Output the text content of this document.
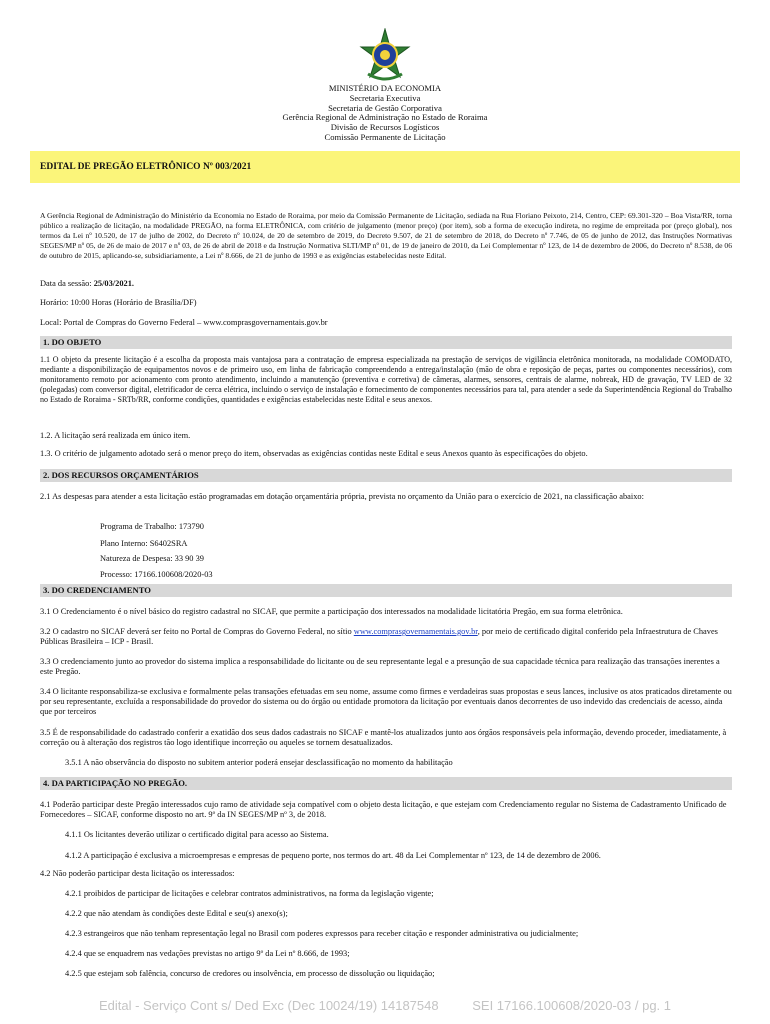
MINISTÉRIO DA ECONOMIA
Secretaria Executiva
Secretaria de Gestão Corporativa
Gerência Regional de Administração no Estado de Roraima
Divisão de Recursos Logísticos
Comissão Permanente de Licitação
EDITAL DE PREGÃO ELETRÔNICO Nº 003/2021

A Gerência Regional de Administração do Ministério da Economia no Estado de Roraima, por meio da Comissão Permanente de Licitação, sediada na Rua Floriano Peixoto, 214, Centro, CEP: 69.301-320 – Boa Vista/RR, torna público a realização de licitação, na modalidade PREGÃO, na forma ELETRÔNICA, com critério de julgamento (menor preço) (por item), sob a forma de execução indireta, no regime de empreitada por (preço global), nos termos da Lei nº 10.520, de 17 de julho de 2002, do Decreto nº 10.024, de 20 de setembro de 2019, do Decreto 9.507, de 21 de setembro de 2018, do Decreto nº 7.746, de 05 de junho de 2012, das Instruções Normativas SEGES/MP nº 05, de 26 de maio de 2017 e nº 03, de 26 de abril de 2018 e da Instrução Normativa SLTI/MP nº 01, de 19 de janeiro de 2010, da Lei Complementar nº 123, de 14 de dezembro de 2006, do Decreto nº 8.538, de 06 de outubro de 2015, aplicando-se, subsidiariamente, a Lei nº 8.666, de 21 de junho de 1993 e as exigências estabelecidas neste Edital.

Data da sessão: 25/03/2021.

Horário: 10:00 Horas (Horário de Brasília/DF)

Local: Portal de Compras do Governo Federal – www.comprasgovernamentais.gov.br

1. DO OBJETO

1.1 O objeto da presente licitação é a escolha da proposta mais vantajosa para a contratação de empresa especializada na prestação de serviços de vigilância eletrônica monitorada, na modalidade COMODATO, mediante a disponibilização de equipamentos novos e de primeiro uso, em linha de fabricação compreendendo a entrega/instalação (mão de obra e reposição de peças, partes ou componentes necessários), com monitoramento remoto por acionamento com pronto atendimento, incluindo a manutenção (preventiva e corretiva) de câmeras, alarmes, sensores, centrais de alarme, nobreak, HD de gravação, TV LED de 32 (polegadas) com conversor digital, eletrificador de cerca elétrica, incluindo o serviço de instalação e fornecimento de componentes necessários para tal, para atender a sede da Superintendência Regional do Trabalho no Estado de Roraima - SRTb/RR, conforme condições, quantidades e exigências estabelecidas neste Edital e seus anexos.

1.2. A licitação será realizada em único item.

1.3. O critério de julgamento adotado será o menor preço do item, observadas as exigências contidas neste Edital e seus Anexos quanto às especificações do objeto.

2. DOS RECURSOS ORÇAMENTÁRIOS

2.1 As despesas para atender a esta licitação estão programadas em dotação orçamentária própria, prevista no orçamento da União para o exercício de 2021, na classificação abaixo:

Programa de Trabalho: 173790

Plano Interno: S6402SRA

Natureza de Despesa: 33 90 39

Processo: 17166.100608/2020-03

3. DO CREDENCIAMENTO

3.1 O Credenciamento é o nível básico do registro cadastral no SICAF, que permite a participação dos interessados na modalidade licitatória Pregão, em sua forma eletrônica.

3.2 O cadastro no SICAF deverá ser feito no Portal de Compras do Governo Federal, no sítio www.comprasgovernamentais.gov.br, por meio de certificado digital conferido pela Infraestrutura de Chaves Públicas Brasileira – ICP - Brasil.

3.3 O credenciamento junto ao provedor do sistema implica a responsabilidade do licitante ou de seu representante legal e a presunção de sua capacidade técnica para realização das transações inerentes a este Pregão.

3.4 O licitante responsabiliza-se exclusiva e formalmente pelas transações efetuadas em seu nome, assume como firmes e verdadeiras suas propostas e seus lances, inclusive os atos praticados diretamente ou por seu representante, excluída a responsabilidade do provedor do sistema ou do órgão ou entidade promotora da licitação por eventuais danos decorrentes de uso indevido das credenciais de acesso, ainda que por terceiros

3.5 É de responsabilidade do cadastrado conferir a exatidão dos seus dados cadastrais no SICAF e mantê-los atualizados junto aos órgãos responsáveis pela informação, devendo proceder, imediatamente, à correção ou à alteração dos registros tão logo identifique incorreção ou aqueles se tornem desatualizados.

3.5.1 A não observância do disposto no subitem anterior poderá ensejar desclassificação no momento da habilitação

4. DA PARTICIPAÇÃO NO PREGÃO.

4.1 Poderão participar deste Pregão interessados cujo ramo de atividade seja compatível com o objeto desta licitação, e que estejam com Credenciamento regular no Sistema de Cadastramento Unificado de Fornecedores – SICAF, conforme disposto no art. 9º da IN SEGES/MP nº 3, de 2018.

4.1.1 Os licitantes deverão utilizar o certificado digital para acesso ao Sistema.

4.1.2 A participação é exclusiva a microempresas e empresas de pequeno porte, nos termos do art. 48 da Lei Complementar nº 123, de 14 de dezembro de 2006.

4.2 Não poderão participar desta licitação os interessados:

4.2.1 proibidos de participar de licitações e celebrar contratos administrativos, na forma da legislação vigente;

4.2.2 que não atendam às condições deste Edital e seu(s) anexo(s);

4.2.3 estrangeiros que não tenham representação legal no Brasil com poderes expressos para receber citação e responder administrativa ou judicialmente;

4.2.4 que se enquadrem nas vedações previstas no artigo 9º da Lei nº 8.666, de 1993;

4.2.5 que estejam sob falência, concurso de credores ou insolvência, em processo de dissolução ou liquidação;

Edital - Serviço Cont s/ Ded Exc (Dec 10024/19) 14187548	SEI 17166.100608/2020-03 / pg. 1
